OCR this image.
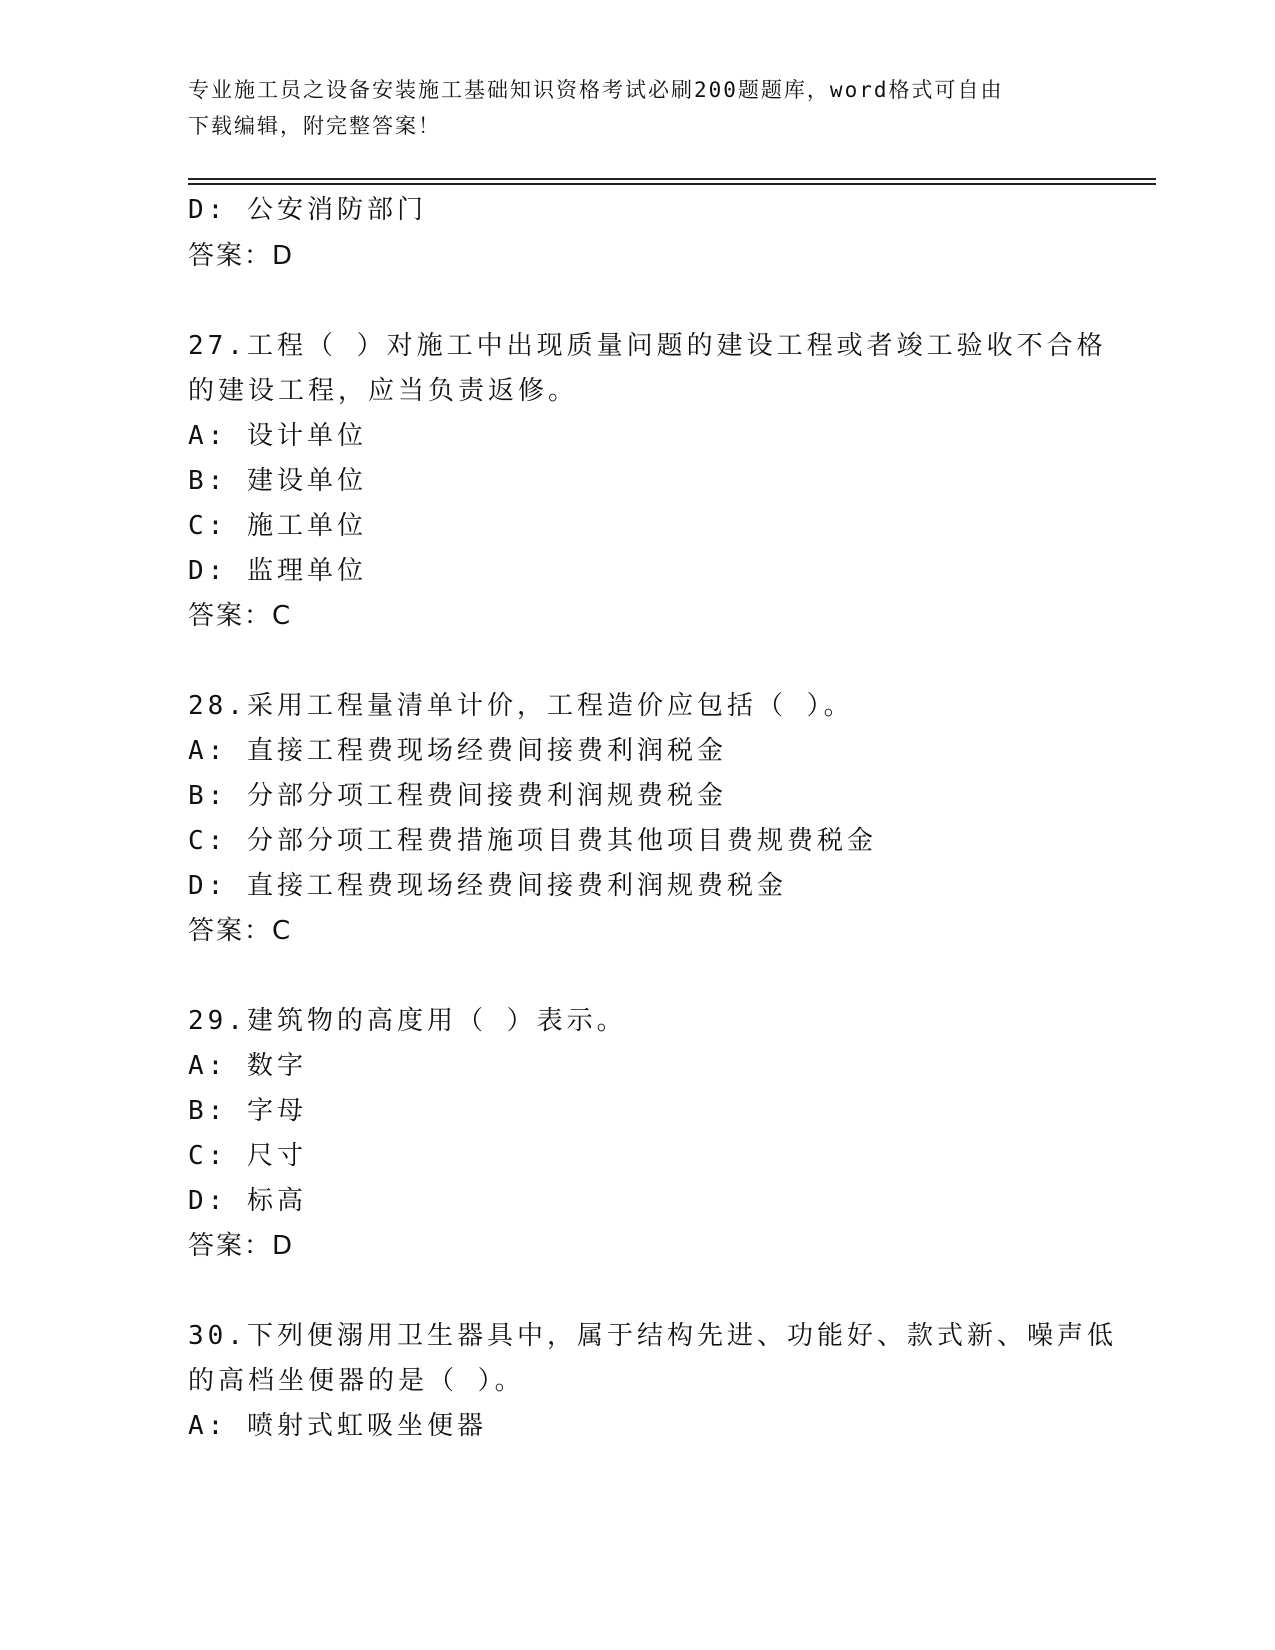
专业施工员之设备安装施工基础知识资格考试必刷200题题库，word格式可自由
下载编辑，附完整答案！

D: 公安消防部门

答案：D

27.工程（ ）对施工中出现质量问题的建设工程或者竣工验收不合格

的建设工程，应当负责返修。

A: 设计单位

B: 建设单位

C: 施工单位

D: 监理单位

答案：C

28.采用工程量清单计价，工程造价应包括（ ）。

A: 直接工程费现场经费间接费利润税金

B: 分部分项工程费间接费利润规费税金

C: 分部分项工程费措施项目费其他项目费规费税金

D: 直接工程费现场经费间接费利润规费税金

答案：C

29.建筑物的高度用（ ）表示。

A: 数字

B: 字母

C: 尺寸

D: 标高

答案：D

30.下列便溺用卫生器具中，属于结构先进、功能好、款式新、噪声低

的高档坐便器的是（ ）。

A: 喷射式虹吸坐便器
